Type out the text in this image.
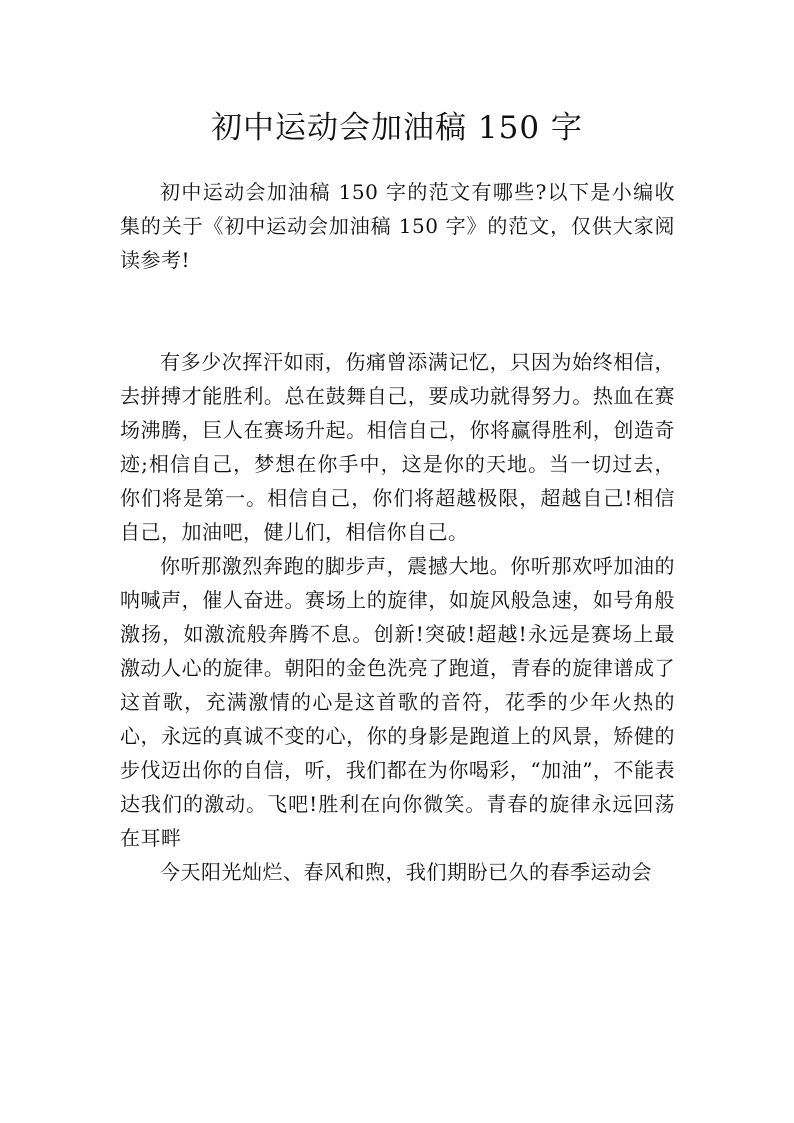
初中运动会加油稿 150 字

初中运动会加油稿 150 字的范文有哪些?以下是小编收集的关于《初中运动会加油稿 150 字》的范文，仅供大家阅读参考!

有多少次挥汗如雨，伤痛曾添满记忆，只因为始终相信，去拼搏才能胜利。总在鼓舞自己，要成功就得努力。热血在赛场沸腾，巨人在赛场升起。相信自己，你将赢得胜利，创造奇迹;相信自己，梦想在你手中，这是你的天地。当一切过去，你们将是第一。相信自己，你们将超越极限，超越自己!相信自己，加油吧，健儿们，相信你自己。

你听那激烈奔跑的脚步声，震撼大地。你听那欢呼加油的呐喊声，催人奋进。赛场上的旋律，如旋风般急速，如号角般激扬，如激流般奔腾不息。创新!突破!超越!永远是赛场上最激动人心的旋律。朝阳的金色洗亮了跑道，青春的旋律谱成了这首歌，充满激情的心是这首歌的音符，花季的少年火热的心，永远的真诚不变的心，你的身影是跑道上的风景，矫健的步伐迈出你的自信，听，我们都在为你喝彩，“加油”，不能表达我们的激动。飞吧!胜利在向你微笑。青春的旋律永远回荡在耳畔

今天阳光灿烂、春风和煦，我们期盼已久的春季运动会
